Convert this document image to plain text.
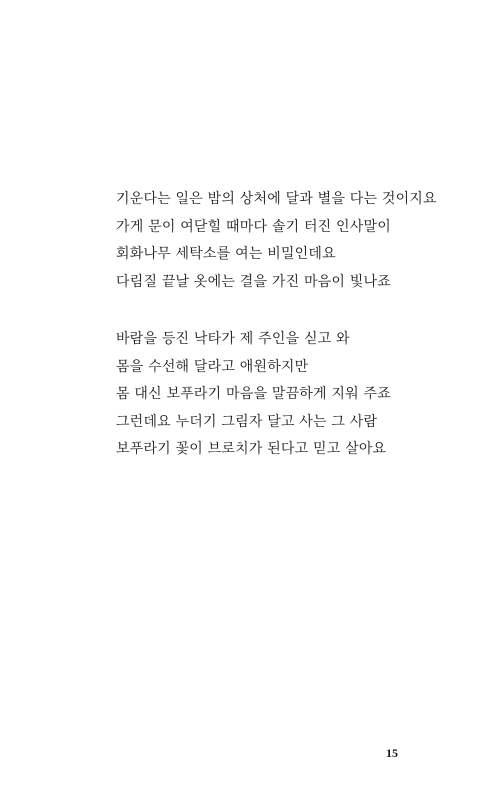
기운다는 일은 밤의 상처에 달과 별을 다는 것이지요
가게 문이 여닫힐 때마다 솔기 터진 인사말이
회화나무 세탁소를 여는 비밀인데요
다림질 끝날 옷에는 결을 가진 마음이 빛나죠

바람을 등진 낙타가 제 주인을 싣고 와
몸을 수선해 달라고 애원하지만
몸 대신 보푸라기 마음을 말끔하게 지워 주죠
그런데요 누더기 그림자 달고 사는 그 사람
보푸라기 꽃이 브로치가 된다고 믿고 살아요

15
